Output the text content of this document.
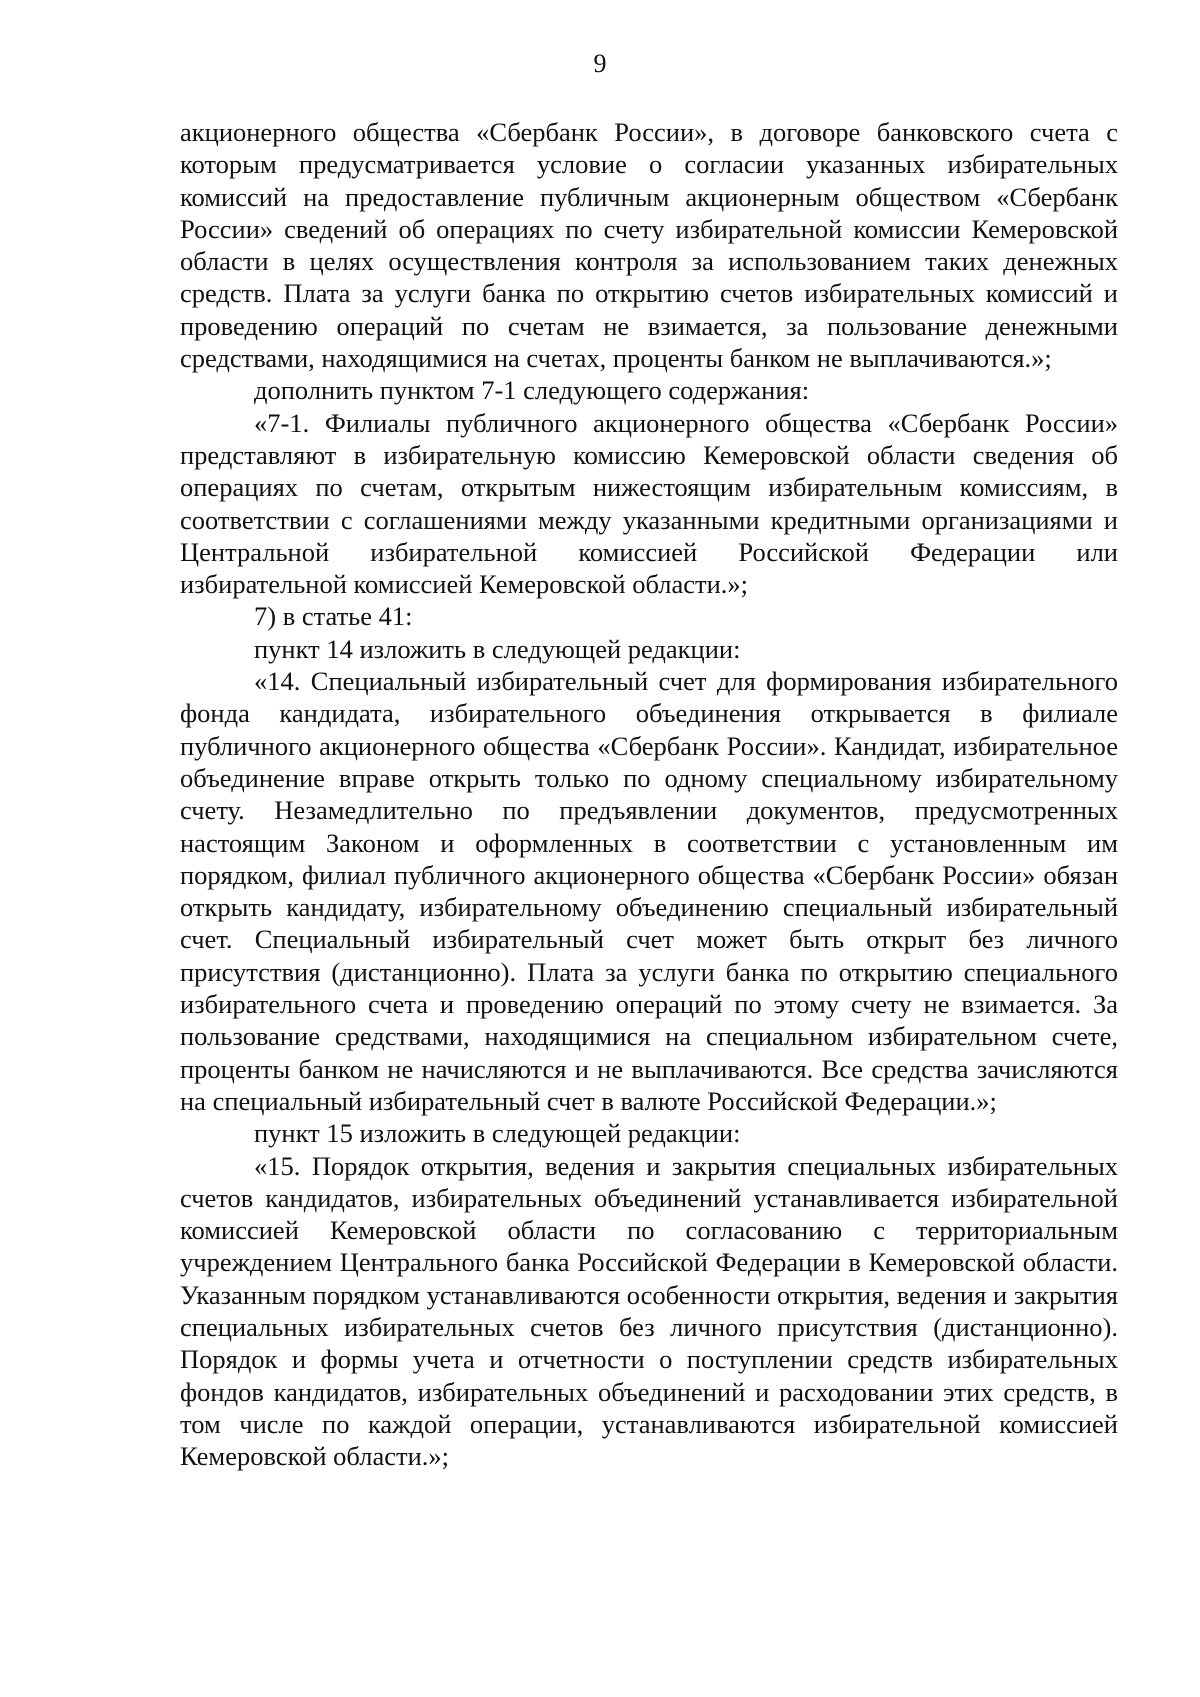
9

акционерного общества «Сбербанк России», в договоре банковского счета с которым предусматривается условие о согласии указанных избирательных комиссий на предоставление публичным акционерным обществом «Сбербанк России» сведений об операциях по счету избирательной комиссии Кемеровской области в целях осуществления контроля за использованием таких денежных средств. Плата за услуги банка по открытию счетов избирательных комиссий и проведению операций по счетам не взимается, за пользование денежными средствами, находящимися на счетах, проценты банком не выплачиваются.»;

дополнить пунктом 7-1 следующего содержания:

«7-1. Филиалы публичного акционерного общества «Сбербанк России» представляют в избирательную комиссию Кемеровской области сведения об операциях по счетам, открытым нижестоящим избирательным комиссиям, в соответствии с соглашениями между указанными кредитными организациями и Центральной избирательной комиссией Российской Федерации или избирательной комиссией Кемеровской области.»;

7) в статье 41:

пункт 14 изложить в следующей редакции:

«14. Специальный избирательный счет для формирования избирательного фонда кандидата, избирательного объединения открывается в филиале публичного акционерного общества «Сбербанк России». Кандидат, избирательное объединение вправе открыть только по одному специальному избирательному счету. Незамедлительно по предъявлении документов, предусмотренных настоящим Законом и оформленных в соответствии с установленным им порядком, филиал публичного акционерного общества «Сбербанк России» обязан открыть кандидату, избирательному объединению специальный избирательный счет. Специальный избирательный счет может быть открыт без личного присутствия (дистанционно). Плата за услуги банка по открытию специального избирательного счета и проведению операций по этому счету не взимается. За пользование средствами, находящимися на специальном избирательном счете, проценты банком не начисляются и не выплачиваются. Все средства зачисляются на специальный избирательный счет в валюте Российской Федерации.»;

пункт 15 изложить в следующей редакции:

«15. Порядок открытия, ведения и закрытия специальных избирательных счетов кандидатов, избирательных объединений устанавливается избирательной комиссией Кемеровской области по согласованию с территориальным учреждением Центрального банка Российской Федерации в Кемеровской области. Указанным порядком устанавливаются особенности открытия, ведения и закрытия специальных избирательных счетов без личного присутствия (дистанционно). Порядок и формы учета и отчетности о поступлении средств избирательных фондов кандидатов, избирательных объединений и расходовании этих средств, в том числе по каждой операции, устанавливаются избирательной комиссией Кемеровской области.»;
